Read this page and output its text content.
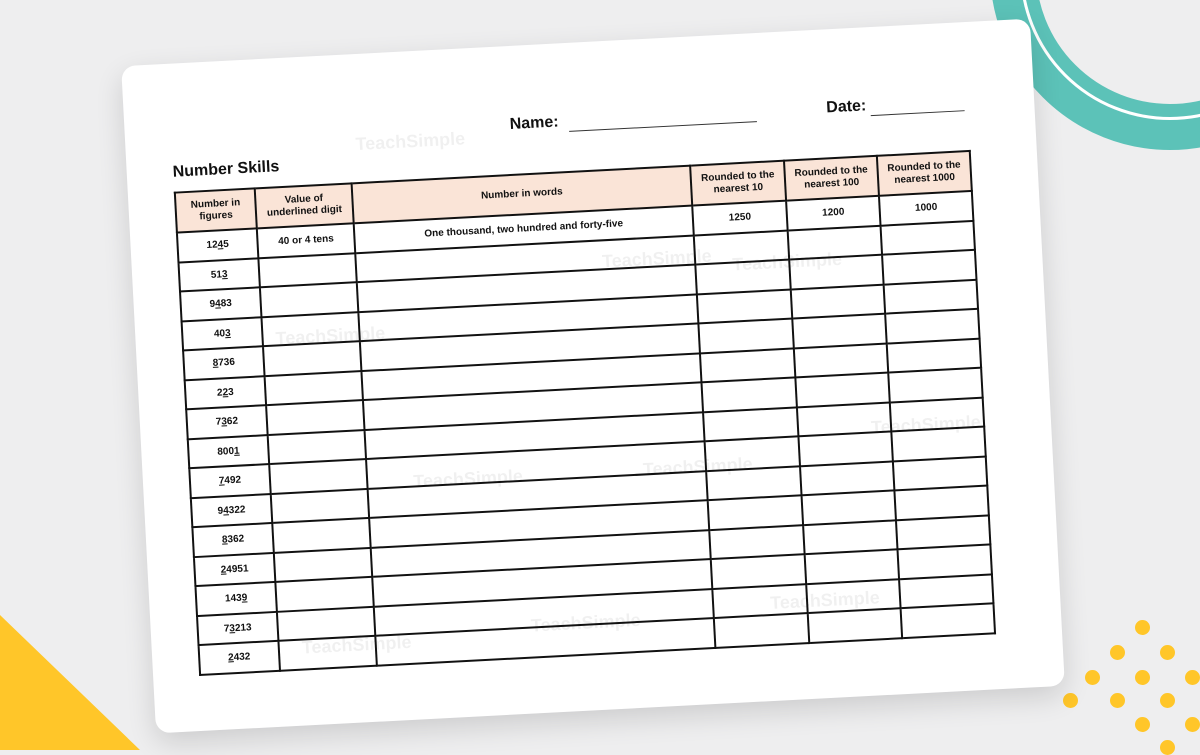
TeachSimple
TeachSimple
TeachSimple
TeachSimple
TeachSimple	TeachSimple
TeachSimple
TeachSimple
TeachSimple
TeachSimple
Number Skills
Name:
Date:
Number in figures	Value of underlined digit	Number in words	Rounded to the nearest 10	Rounded to the nearest 100	Rounded to the nearest 1000
1245	40 or 4 tens	One thousand, two hundred and forty-five	1250	1200	1000
513					
9483					
403					
8736					
223					
7362					
8001					
7492					
94322					
8362					
24951					
1439					
73213					
2432					
